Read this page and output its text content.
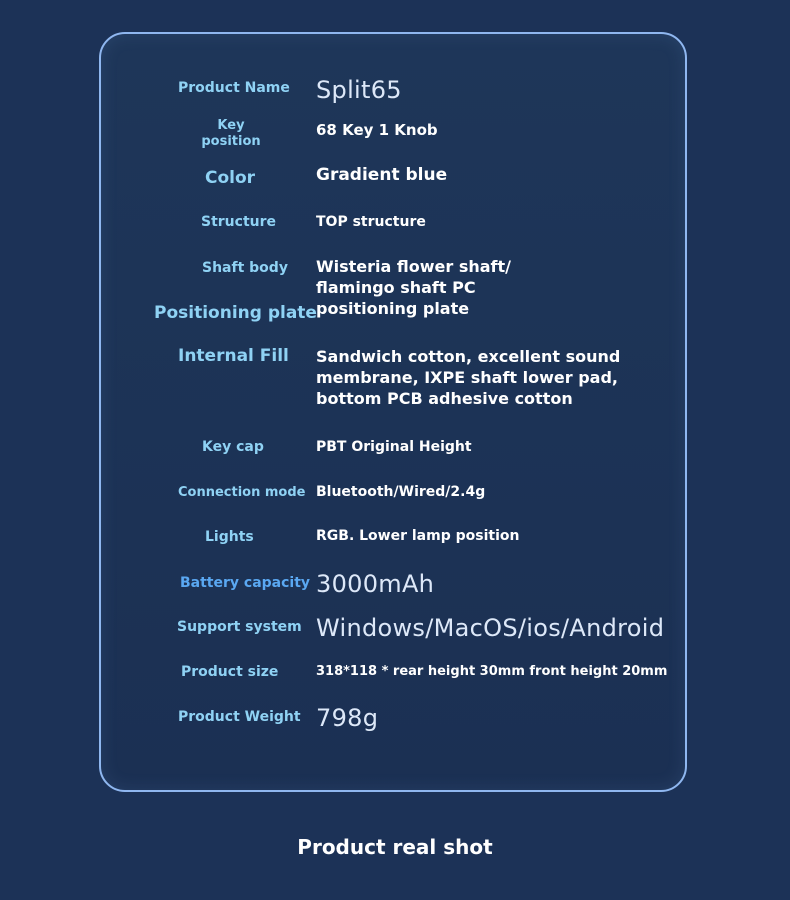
Product Name
Key position
Color
Structure
Shaft body
Positioning plate
Internal Fill
Key cap
Connection mode
Lights
Battery capacity
Support system
Product size
Product Weight
Split65
68 Key 1 Knob
Gradient blue
TOP structure
Wisteria flower shaft/ flamingo shaft PC
positioning plate
Sandwich cotton, excellent sound membrane, IXPE shaft lower pad, bottom PCB adhesive cotton
PBT Original Height
Bluetooth/Wired/2.4g
RGB. Lower lamp position
3000mAh
Windows/MacOS/ios/Android
318*118 * rear height 30mm front height 20mm
798g
Product real shot
